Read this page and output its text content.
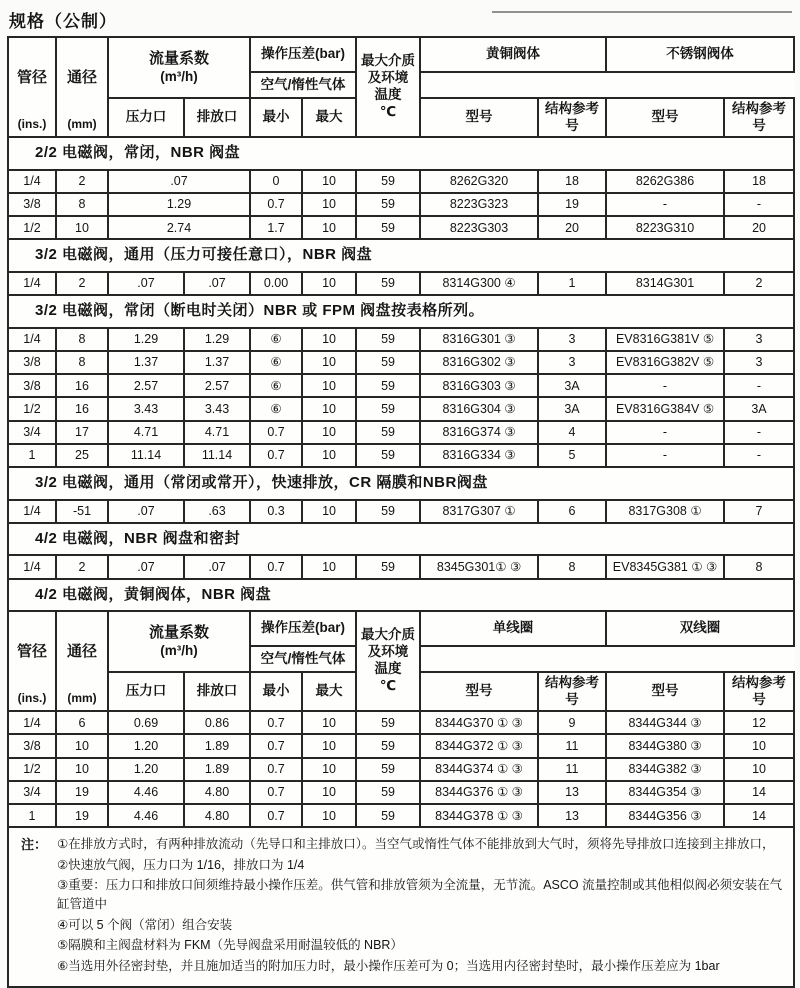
规格（公制）
管径
(ins.)

通径
(mm)

流量系数
(m³/h)
	操作压差(bar)	最大介质及环境
温度
℃
	黄铜阀体	不锈钢阀体
				空气/惰性气体						
		压力口	排放口	最小	最大		型号	结构参考号	型号	结构参考号
2/2 电磁阀，常闭，NBR 阀盘										
1/4	2	.07		0	10	59	8262G320	18	8262G386	18
3/8	8	1.29		0.7	10	59	8223G323	19	-	-
1/2	10	2.74		1.7	10	59	8223G303	20	8223G310	20
3/2 电磁阀，通用（压力可接任意口），NBR 阀盘										
1/4	2	.07	.07	0.00	10	59	8314G300 ④	1	8314G301	2
3/2 电磁阀，常闭（断电时关闭）NBR 或 FPM 阀盘按表格所列。										
1/4	8	1.29	1.29	⑥	10	59	8316G301 ③	3	EV8316G381V ⑤	3
3/8	8	1.37	1.37	⑥	10	59	8316G302 ③	3	EV8316G382V ⑤	3
3/8	16	2.57	2.57	⑥	10	59	8316G303 ③	3A	-	-
1/2	16	3.43	3.43	⑥	10	59	8316G304 ③	3A	EV8316G384V ⑤	3A
3/4	17	4.71	4.71	0.7	10	59	8316G374 ③	4	-	-
1	25	11.14	11.14	0.7	10	59	8316G334 ③	5	-	-
3/2 电磁阀，通用（常闭或常开），快速排放，CR 隔膜和NBR阀盘										
1/4	-51	.07	.63	0.3	10	59	8317G307 ①	6	8317G308 ①	7
4/2 电磁阀，NBR 阀盘和密封										
1/4	2	.07	.07	0.7	10	59	8345G301① ③	8	EV8345G381 ① ③	8
4/2 电磁阀，黄铜阀体，NBR 阀盘										

管径
(ins.)

通径
(mm)

流量系数
(m³/h)
	操作压差(bar)	最大介质及环境
温度
℃
	单线圈	双线圈
				空气/惰性气体						
		压力口	排放口	最小	最大		型号	结构参考号	型号	结构参考号
1/4	6	0.69	0.86	0.7	10	59	8344G370 ① ③	9	8344G344 ③	12
3/8	10	1.20	1.89	0.7	10	59	8344G372 ① ③	11	8344G380 ③	10
1/2	10	1.20	1.89	0.7	10	59	8344G374 ① ③	11	8344G382 ③	10
3/4	19	4.46	4.80	0.7	10	59	8344G376 ① ③	13	8344G354 ③	14
1	19	4.46	4.80	0.7	10	59	8344G378 ① ③	13	8344G356 ③	14

注： ①在排放方式时，有两种排放流动（先导口和主排放口）。当空气或惰性气体不能排放到大气时，须将先导排放口连接到主排放口，
②快速放气阀，压力口为 1/16，排放口为 1/4
③重要：压力口和排放口间须维持最小操作压差。供气管和排放管须为全流量，无节流。ASCO 流量控制或其他相似阀必须安装在气缸管道中
④可以 5 个阀（常闭）组合安装
⑤隔膜和主阀盘材料为 FKM（先导阀盘采用耐温较低的 NBR）
⑥当选用外径密封垫，并且施加适当的附加压力时，最小操作压差可为 0；当选用内径密封垫时，最小操作压差应为 1bar
